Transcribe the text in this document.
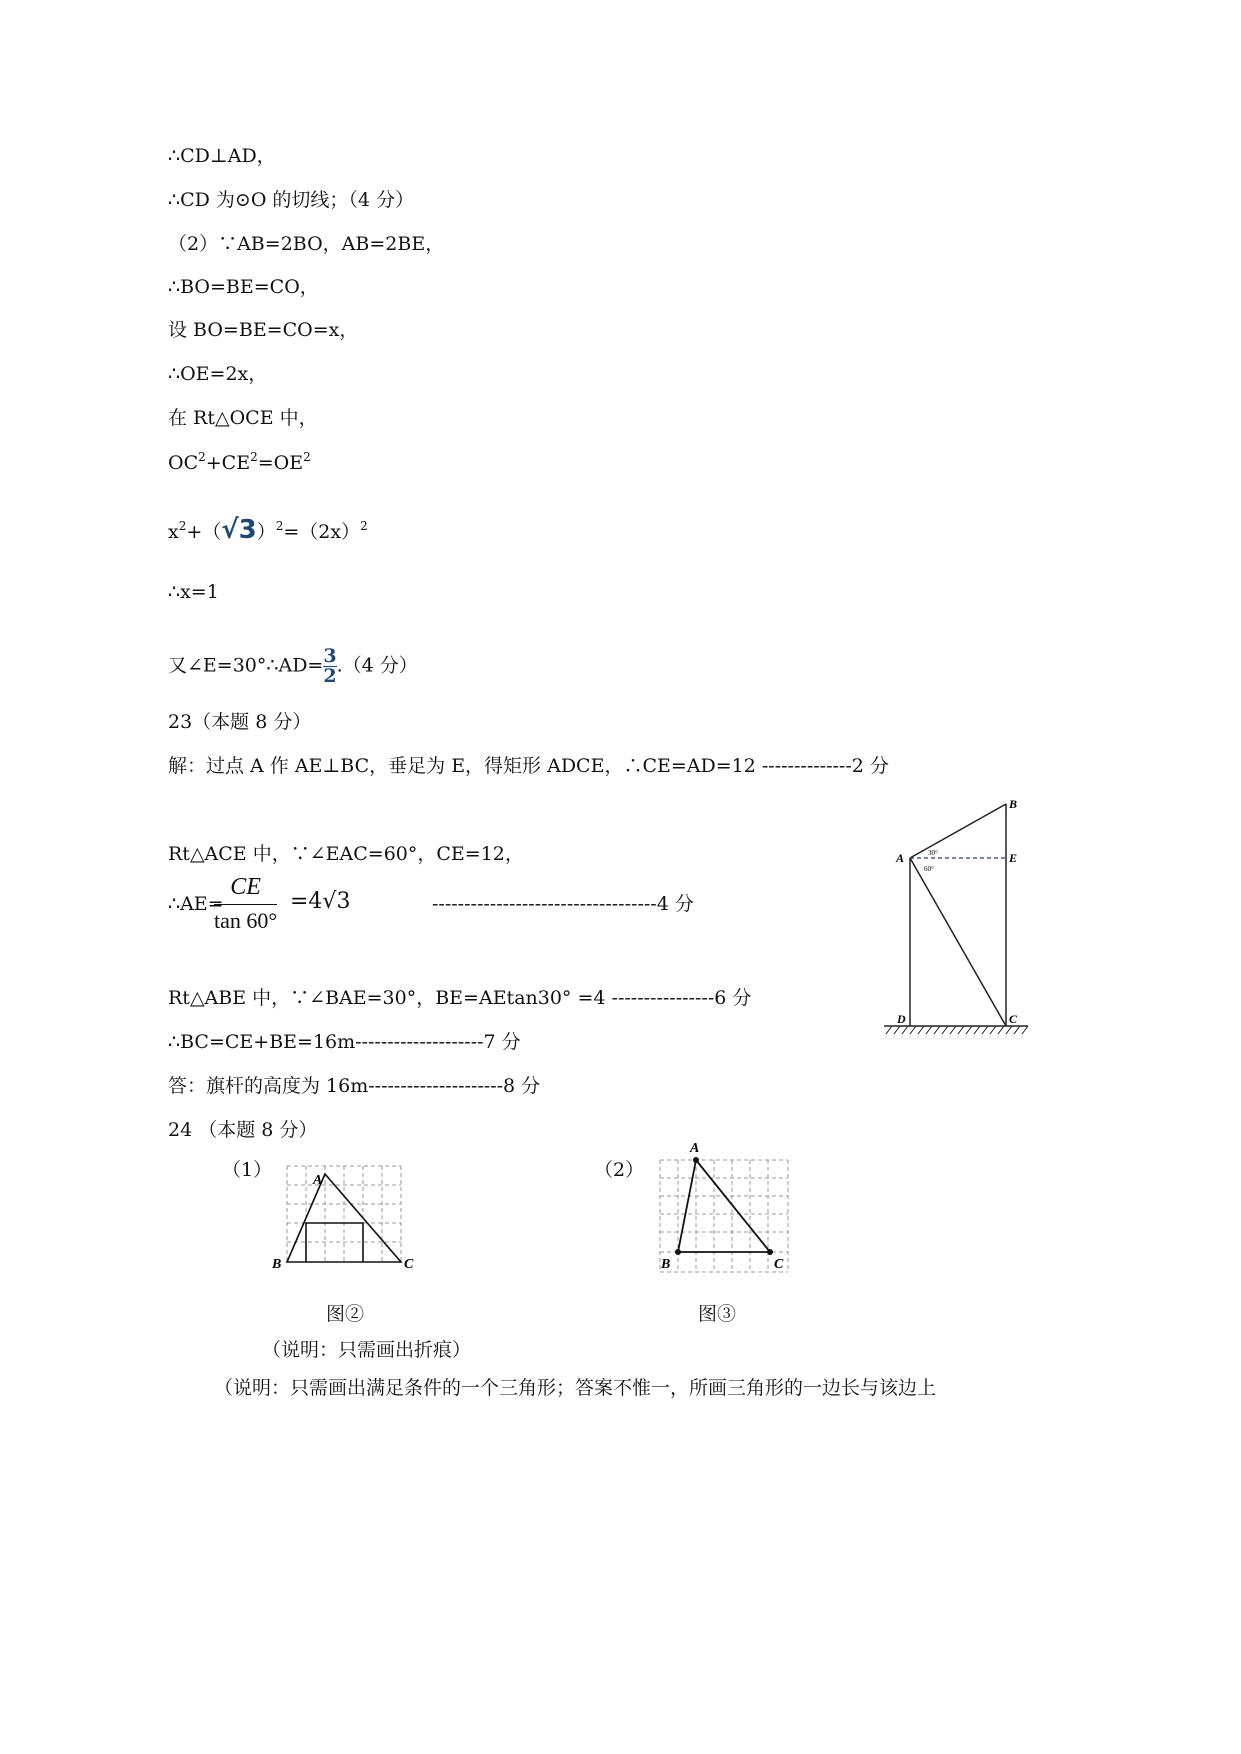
∴CD⊥AD，
∴CD 为⊙O 的切线；（4 分）
（2）∵AB=2BO，AB=2BE，
∴BO=BE=CO，
设 BO=BE=CO=x，
∴OE=2x，
在 Rt△OCE 中，
$OC^2+CE^2=OE^2$
$x^2+(√3)^2=(2x)^2$
∴x=1
又∠E=30°∴AD= $\frac{3}{2} .(4$ 分）
23（本题 8 分）
解：过点 A 作 AE⊥BC，垂足为 E，得矩形 ADCE，∴CE=AD=12 --------------2 分
Rt△ACE 中，∵∠EAC=60°，CE=12，
∴AE=
CE
tan 60°
=4√3	-----------------------------------4 分
Rt△ABE 中，∵∠BAE=30°，BE=AEtan30° =4 ----------------6 分
∴BC=CE+BE=16m--------------------7 分
答：旗杆的高度为 16m---------------------8 分
24 （本题 8 分）
（1）	（2）
图②	图③
（说明：只需画出折痕）
（说明：只需画出满足条件的一个三角形；答案不惟一，所画三角形的一边长与该边上
A
B
E
C
D
30°
60°
A
B	C
A
B	C
